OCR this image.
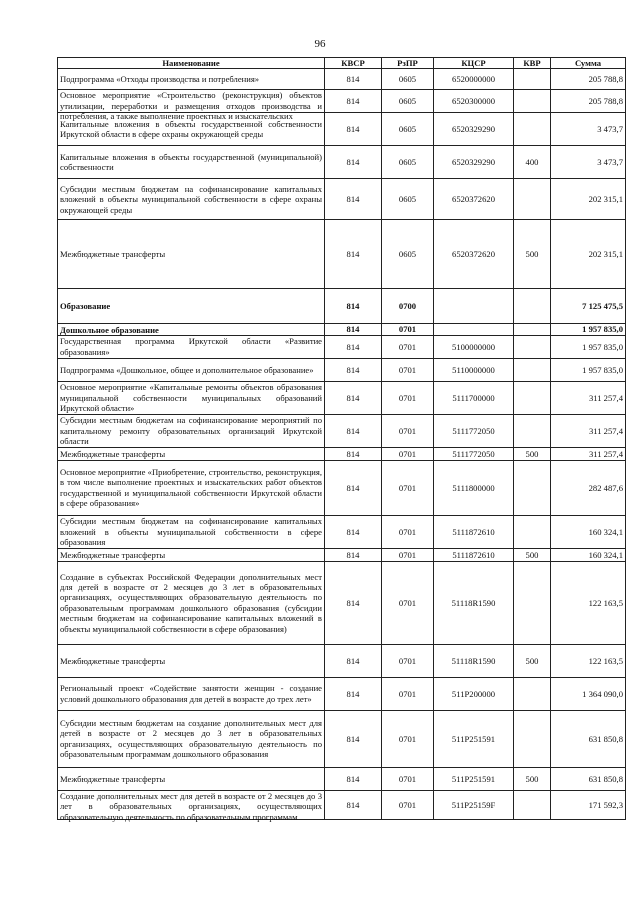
96
Наименование	КВСР	РзПР	КЦСР	КВР	Сумма

Подпрограмма «Отходы производства и потребления»	814	0605	6520000000		205 788,8

Основное мероприятие «Строительство (реконструкция) объектов утилизации, переработки и размещения отходов производства и потребления, а также выполнение проектных и изыскательских	814	0605	6520300000		205 788,8

Капитальные вложения в объекты государственной собственности Иркутской области в сфере охраны окружающей среды	814	0605	6520329290		3 473,7

Капитальные вложения в объекты государственной (муниципальной) собственности	814	0605	6520329290	400	3 473,7

Субсидии местным бюджетам на софинансирование капитальных вложений в объекты муниципальной собственности в сфере охраны окружающей среды	814	0605	6520372620		202 315,1

Межбюджетные трансферты	814	0605	6520372620	500	202 315,1

Образование	814	0700			7 125 475,5

Дошкольное образование	814	0701			1 957 835,0

Государственная программа Иркутской области «Развитие образования»	814	0701	5100000000		1 957 835,0

Подпрограмма «Дошкольное, общее и дополнительное образование»	814	0701	5110000000		1 957 835,0

Основное мероприятие «Капитальные ремонты объектов образования муниципальной собственности муниципальных образований Иркутской области»	814	0701	5111700000		311 257,4

Субсидии местным бюджетам на софинансирование мероприятий по капитальному ремонту образовательных организаций Иркутской области	814	0701	5111772050		311 257,4

Межбюджетные трансферты	814	0701	5111772050	500	311 257,4

Основное мероприятие «Приобретение, строительство, реконструкция, в том числе выполнение проектных и изыскательских работ объектов государственной и муниципальной собственности Иркутской области в сфере образования»	814	0701	5111800000		282 487,6

Субсидии местным бюджетам на софинансирование капитальных вложений в объекты муниципальной собственности в сфере образования	814	0701	5111872610		160 324,1

Межбюджетные трансферты	814	0701	5111872610	500	160 324,1

Создание в субъектах Российской Федерации дополнительных мест для детей в возрасте от 2 месяцев до 3 лет в образовательных организациях, осуществляющих образовательную деятельность по образовательным программам дошкольного образования (субсидии местным бюджетам на софинансирование капитальных вложений в объекты муниципальной собственности в сфере образования)	814	0701	51118R1590		122 163,5

Межбюджетные трансферты	814	0701	51118R1590	500	122 163,5

Региональный проект «Содействие занятости женщин - создание условий дошкольного образования для детей в возрасте до трех лет»	814	0701	511P200000		1 364 090,0

Субсидии местным бюджетам на создание дополнительных мест для детей в возрасте от 2 месяцев до 3 лет в образовательных организациях, осуществляющих образовательную деятельность по образовательным программам дошкольного образования	814	0701	511P251591		631 850,8

Межбюджетные трансферты	814	0701	511P251591	500	631 850,8

Создание дополнительных мест для детей в возрасте от 2 месяцев до 3 лет в образовательных организациях, осуществляющих образовательную деятельность по образовательным программам	814	0701	511P25159F		171 592,3
